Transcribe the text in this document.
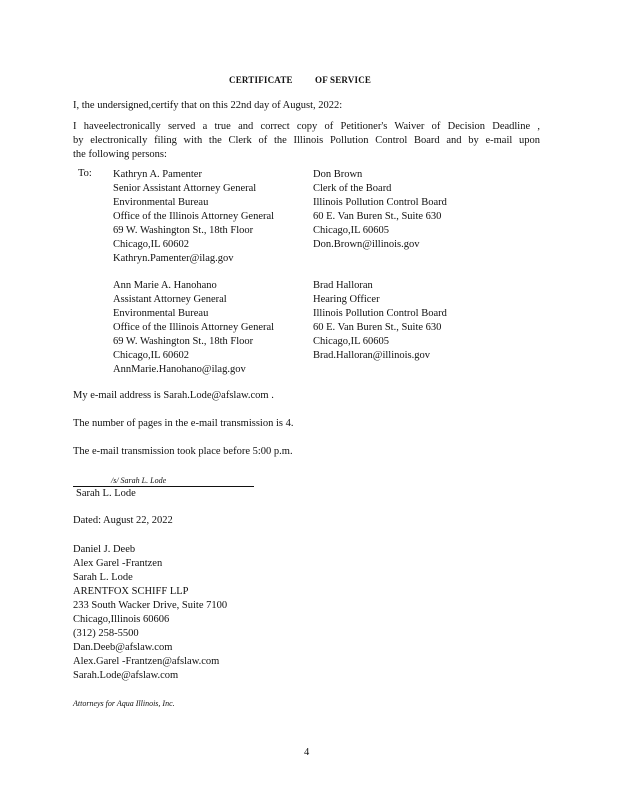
CERTIFICATE OF SERVICE
I, the undersigned,certify that on this 22nd day of August, 2022:
I haveelectronically served a true and correct copy of Petitioner's Waiver of Decision Deadline ,
by electronically filing with the Clerk of the Illinois Pollution Control Board and by e-mail upon
the following persons:
To: Kathryn A. Pamenter
Senior Assistant Attorney General
Environmental Bureau
Office of the Illinois Attorney General
69 W. Washington St., 18th Floor
Chicago,IL 60602
Kathryn.Pamenter@ilag.gov
Don Brown
Clerk of the Board
Illinois Pollution Control Board
60 E. Van Buren St., Suite 630
Chicago,IL 60605
Don.Brown@illinois.gov
Ann Marie A. Hanohano
Assistant Attorney General
Environmental Bureau
Office of the Illinois Attorney General
69 W. Washington St., 18th Floor
Chicago,IL 60602
AnnMarie.Hanohano@ilag.gov
Brad Halloran
Hearing Officer
Illinois Pollution Control Board
60 E. Van Buren St., Suite 630
Chicago,IL 60605
Brad.Halloran@illinois.gov
My e-mail address is Sarah.Lode@afslaw.com .
The number of pages in the e-mail transmission is 4.
The e-mail transmission took place before 5:00 p.m.
/s/ Sarah L. Lode
Sarah L. Lode
Dated: August 22, 2022
Daniel J. Deeb
Alex Garel -Frantzen
Sarah L. Lode
ARENTFOX SCHIFF LLP
233 South Wacker Drive, Suite 7100
Chicago,Illinois 60606
(312) 258-5500
Dan.Deeb@afslaw.com
Alex.Garel -Frantzen@afslaw.com
Sarah.Lode@afslaw.com
Attorneys for Aqua Illinois, Inc.
4
